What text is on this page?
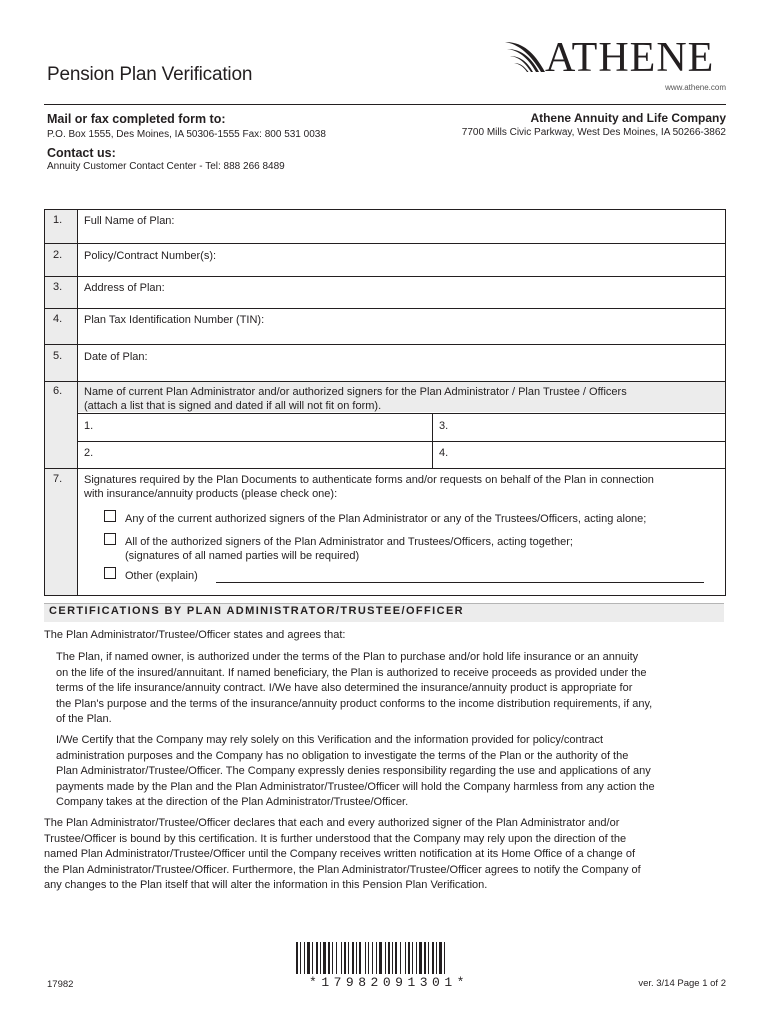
Pension Plan Verification	ATHENE
www.athene.com
Mail or fax completed form to:
P.O. Box 1555, Des Moines, IA 50306-1555 Fax: 800 531 0038
Contact us:
Annuity Customer Contact Center - Tel: 888 266 8489
Athene Annuity and Life Company
7700 Mills Civic Parkway, West Des Moines, IA 50266-3862
1. Full Name of Plan:
2. Policy/Contract Number(s):
3. Address of Plan:
4. Plan Tax Identification Number (TIN):
5. Date of Plan:
6. Name of current Plan Administrator and/or authorized signers for the Plan Administrator / Plan Trustee / Officers
(attach a list that is signed and dated if all will not fit on form).
1.	3.
2.	4.
7. Signatures required by the Plan Documents to authenticate forms and/or requests on behalf of the Plan in connection
with insurance/annuity products (please check one):
Any of the current authorized signers of the Plan Administrator or any of the Trustees/Officers, acting alone;
All of the authorized signers of the Plan Administrator and Trustees/Officers, acting together;
(signatures of all named parties will be required)
Other (explain)
CERTIFICATIONS BY PLAN ADMINISTRATOR/TRUSTEE/OFFICER
The Plan Administrator/Trustee/Officer states and agrees that:
The Plan, if named owner, is authorized under the terms of the Plan to purchase and/or hold life insurance or an annuity
on the life of the insured/annuitant. If named beneficiary, the Plan is authorized to receive proceeds as provided under the
terms of the life insurance/annuity contract. I/We have also determined the insurance/annuity product is appropriate for
the Plan's purpose and the terms of the insurance/annuity product conforms to the income distribution requirements, if any,
of the Plan.
I/We Certify that the Company may rely solely on this Verification and the information provided for policy/contract
administration purposes and the Company has no obligation to investigate the terms of the Plan or the authority of the
Plan Administrator/Trustee/Officer. The Company expressly denies responsibility regarding the use and applications of any
payments made by the Plan and the Plan Administrator/Trustee/Officer will hold the Company harmless from any action the
Company takes at the direction of the Plan Administrator/Trustee/Officer.
The Plan Administrator/Trustee/Officer declares that each and every authorized signer of the Plan Administrator and/or
Trustee/Officer is bound by this certification. It is further understood that the Company may rely upon the direction of the
named Plan Administrator/Trustee/Officer until the Company receives written notification at its Home Office of a change of
the Plan Administrator/Trustee/Officer. Furthermore, the Plan Administrator/Trustee/Officer agrees to notify the Company of
any changes to the Plan itself that will alter the information in this Pension Plan Verification.
*17982091301*
17982	ver. 3/14 Page 1 of 2
